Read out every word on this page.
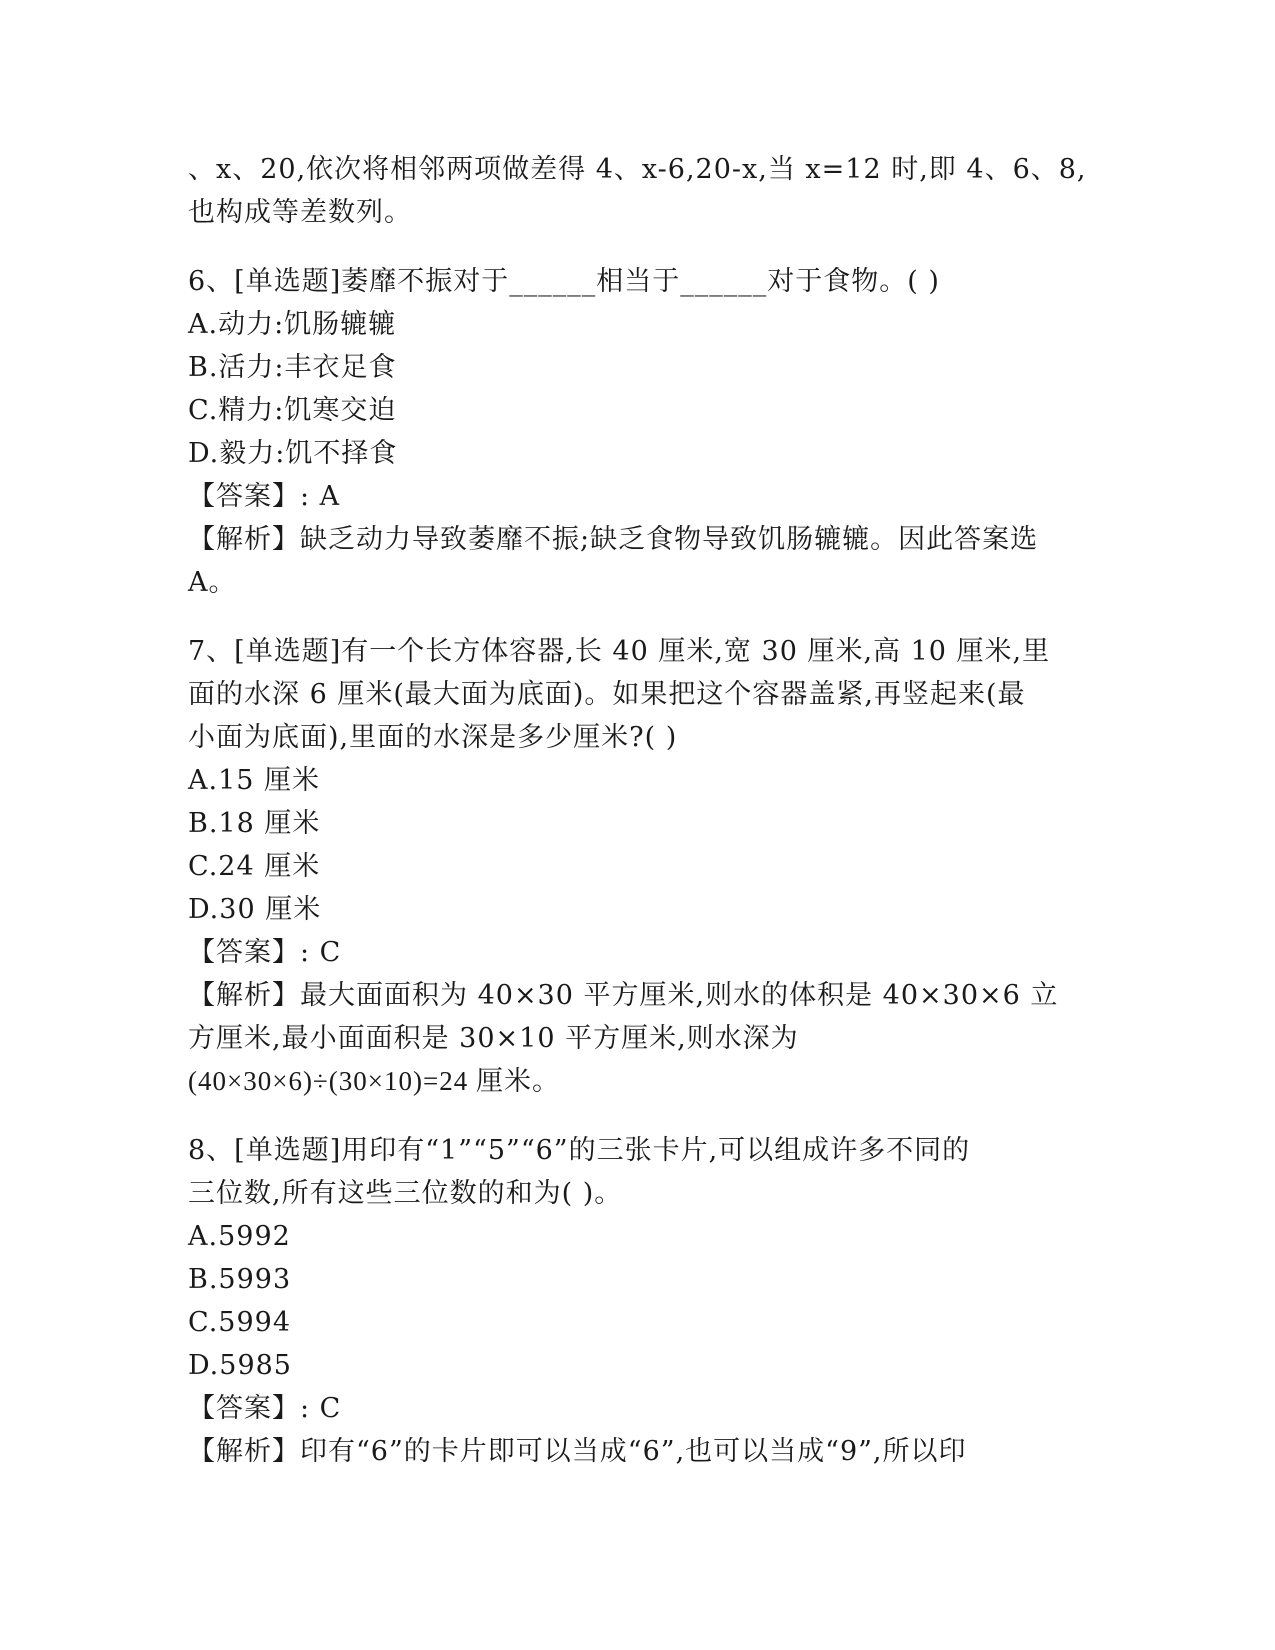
、x、20,依次将相邻两项做差得 4、x-6,20-x,当 x=12 时,即 4、6、8,
也构成等差数列。
6、[单选题]萎靡不振对于______相当于______对于食物。( )
A.动力:饥肠辘辘
B.活力:丰衣足食
C.精力:饥寒交迫
D.毅力:饥不择食
【答案】: A
【解析】缺乏动力导致萎靡不振;缺乏食物导致饥肠辘辘。因此答案选
A。
7、[单选题]有一个长方体容器,长 40 厘米,宽 30 厘米,高 10 厘米,里
面的水深 6 厘米(最大面为底面)。如果把这个容器盖紧,再竖起来(最
小面为底面),里面的水深是多少厘米?( )
A.15 厘米
B.18 厘米
C.24 厘米
D.30 厘米
【答案】: C
【解析】最大面面积为 40×30 平方厘米,则水的体积是 40×30×6 立
方厘米,最小面面积是 30×10 平方厘米,则水深为
(40×30×6)÷(30×10)=24 厘米。
8、[单选题]用印有“1”“5”“6”的三张卡片,可以组成许多不同的
三位数,所有这些三位数的和为( )。
A.5992
B.5993
C.5994
D.5985
【答案】: C
【解析】印有“6”的卡片即可以当成“6”,也可以当成“9”,所以印
